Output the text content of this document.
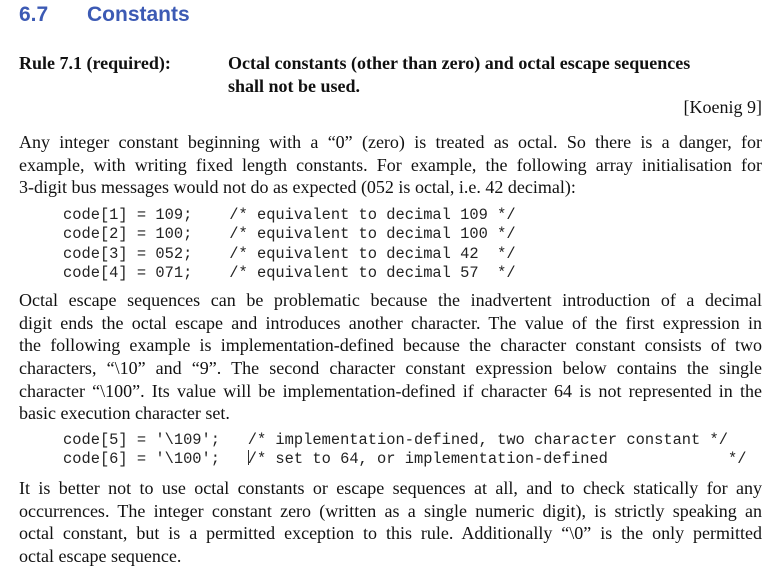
6.7 Constants
Rule 7.1 (required):	Octal constants (other than zero) and octal escape sequences
shall not be used.
[Koenig 9]
Any integer constant beginning with a “0” (zero) is treated as octal. So there is a danger, for
example, with writing fixed length constants. For example, the following array initialisation for
3-digit bus messages would not do as expected (052 is octal, i.e. 42 decimal):
code[1] = 109;    /* equivalent to decimal 109 */
code[2] = 100;    /* equivalent to decimal 100 */
code[3] = 052;    /* equivalent to decimal 42  */
code[4] = 071;    /* equivalent to decimal 57  */
Octal escape sequences can be problematic because the inadvertent introduction of a decimal
digit ends the octal escape and introduces another character. The value of the first expression in
the following example is implementation-defined because the character constant consists of two
characters, “\10” and “9”. The second character constant expression below contains the single
character “\100”. Its value will be implementation-defined if character 64 is not represented in the
basic execution character set.
code[5] = '\109';   /* implementation-defined, two character constant */
code[6] = '\100';   /* set to 64, or implementation-defined             */
It is better not to use octal constants or escape sequences at all, and to check statically for any
occurrences. The integer constant zero (written as a single numeric digit), is strictly speaking an
octal constant, but is a permitted exception to this rule. Additionally “\0” is the only permitted
octal escape sequence.
